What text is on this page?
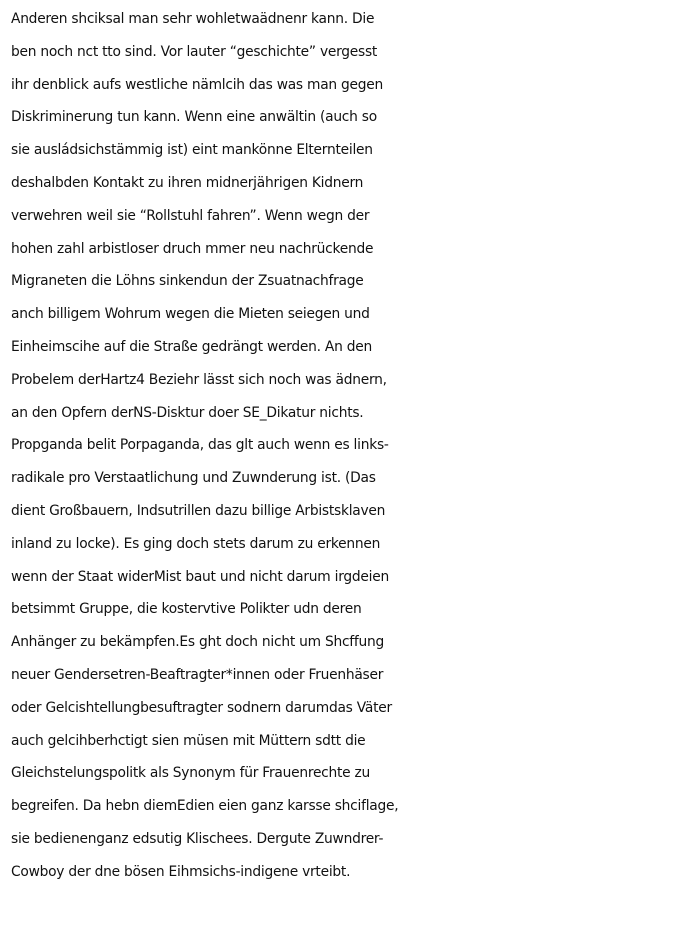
Anderen shciksal man sehr wohletwaädnenr kann. Die
ben noch nct tto sind. Vor lauter “geschichte” vergesst
ihr denblick aufs westliche nämlcih das was man gegen
Diskriminerung tun kann. Wenn eine anwältin (auch so
sie ausládsichstämmig ist) eint mankönne Elternteilen
deshalbden Kontakt zu ihren midnerjährigen Kidnern
verwehren weil sie “Rollstuhl fahren”. Wenn wegn der
hohen zahl arbistloser druch mmer neu nachrückende
Migraneten die Löhns sinkendun der Zsuatnachfrage
anch billigem Wohrum wegen die Mieten seiegen und
Einheimscihe auf die Straße gedrängt werden. An den
Probelem derHartz4 Beziehr lässt sich noch was ädnern,
an den Opfern derNS-Disktur doer SE_Dikatur nichts.
Propganda belit Porpaganda, das glt auch wenn es links-
radikale pro Verstaatlichung und Zuwnderung ist. (Das
dient Großbauern, Indsutrillen dazu billige Arbistsklaven
inland zu locke). Es ging doch stets darum zu erkennen
wenn der Staat widerMist baut und nicht darum irgdeien
betsimmt Gruppe, die kostervtive Polikter udn deren
Anhänger zu bekämpfen.Es ght doch nicht um Shcffung
neuer Gendersetren-Beaftragter*innen oder Fruenhäser
oder Gelcishtellungbesuftragter sodnern darumdas Väter
auch gelcihberhctigt sien müsen mit Müttern sdtt die
Gleichstelungspolitk als Synonym für Frauenrechte zu
begreifen. Da hebn diemEdien eien ganz karsse shciflage,
sie bedienenganz edsutig Klischees. Dergute Zuwndrer-
Cowboy der dne bösen Eihmsichs-indigene vrteibt.
